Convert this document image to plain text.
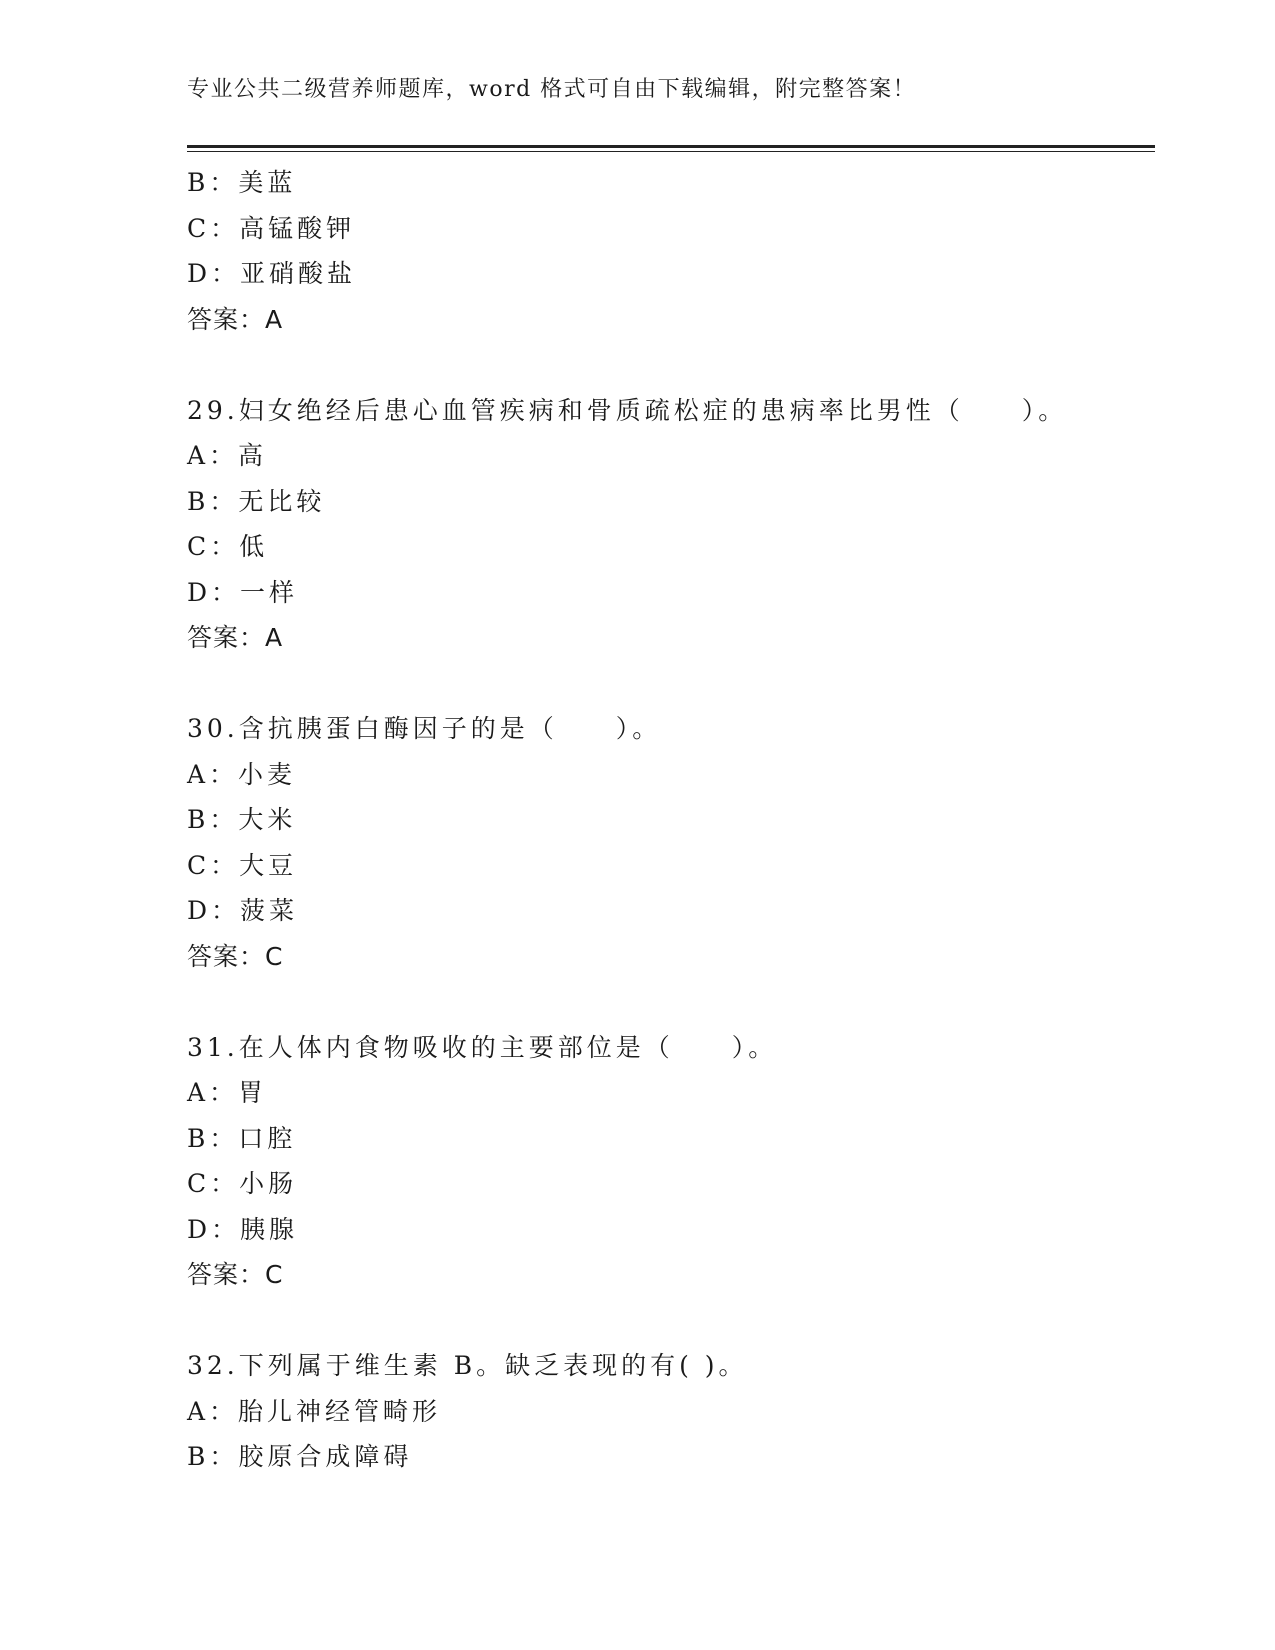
专业公共二级营养师题库，word 格式可自由下载编辑，附完整答案！
B：美蓝
C：高锰酸钾
D：亚硝酸盐
答案：A
29.妇女绝经后患心血管疾病和骨质疏松症的患病率比男性（　　）。
A：高
B：无比较
C：低
D：一样
答案：A
30.含抗胰蛋白酶因子的是（　　）。
A：小麦
B：大米
C：大豆
D：菠菜
答案：C
31.在人体内食物吸收的主要部位是（　　）。
A：胃
B：口腔
C：小肠
D：胰腺
答案：C
32.下列属于维生素 B。缺乏表现的有( )。
A：胎儿神经管畸形
B：胶原合成障碍
